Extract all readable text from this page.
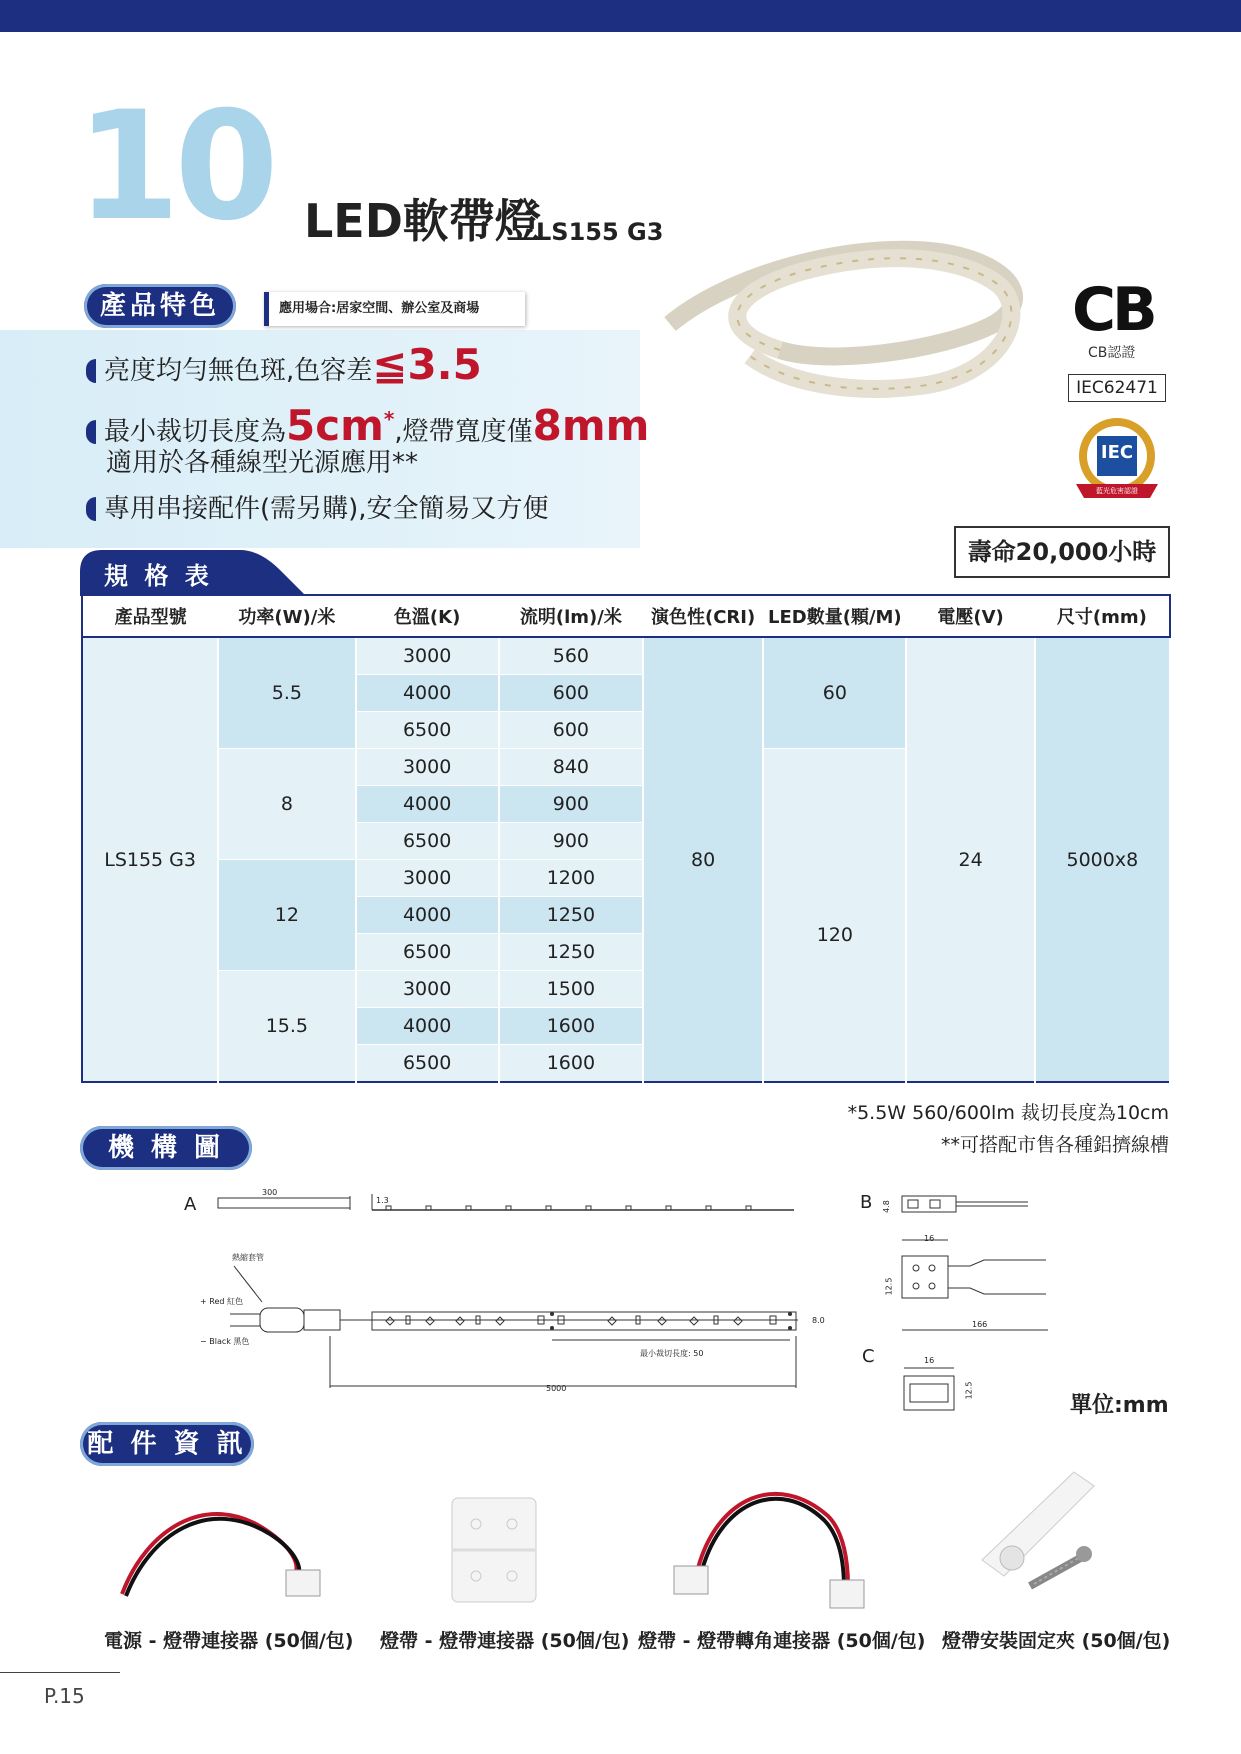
10 LED軟帶燈
LS155 G3
產品特色	應用場合:居家空間、辦公室及商場
亮度均勻無色斑,色容差≦3.5
最小裁切長度為5cm*,燈帶寬度僅8mm
適用於各種線型光源應用**
專用串接配件(需另購),安全簡易又方便
CB
CB認證
IEC62471
IEC
藍光危害認證
壽命20,000小時
規 格 表
產品型號	功率(W)/米	色溫(K)	流明(lm)/米	演色性(CRI)	LED數量(顆/M)	電壓(V)	尺寸(mm)
LS155 G3	5.5	3000	560	80	60	24	5000x8
		4000	600				
		6500	600				
	8	3000	840		120		
		4000	900				
		6500	900				
	12	3000	1200				
		4000	1250				
		6500	1250				
	15.5	3000	1500				
		4000	1600				
		6500	1600				
*5.5W 560/600lm 裁切長度為10cm
**可搭配市售各種鋁擠線槽
機 構 圖
A
300
1.3
熱縮套管
+ Red 紅色
− Black 黑色
最小裁切長度: 50
8.0
5000
B 4.8
16
12.5
166
C	16
12.5
單位:mm
配 件 資 訊
電源 - 燈帶連接器 (50個/包) 燈帶 - 燈帶連接器 (50個/包) 燈帶 - 燈帶轉角連接器 (50個/包) 燈帶安裝固定夾 (50個/包)
P.15
